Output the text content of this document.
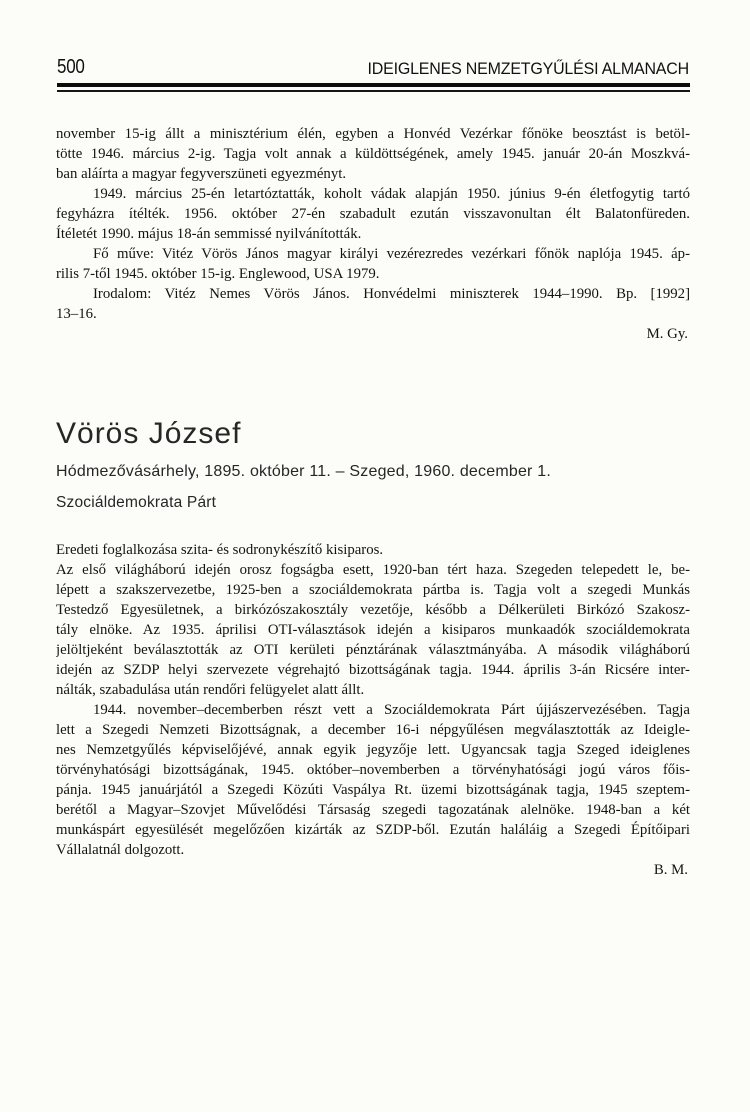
500	IDEIGLENES NEMZETGYŰLÉSI ALMANACH
november 15-ig állt a minisztérium élén, egyben a Honvéd Vezérkar főnöke beosztást is betöl-
tötte 1946. március 2-ig. Tagja volt annak a küldöttségének, amely 1945. január 20-án Moszkvá-
ban aláírta a magyar fegyverszüneti egyezményt.
1949. március 25-én letartóztatták, koholt vádak alapján 1950. június 9-én életfogytig tartó
fegyházra ítélték. 1956. október 27-én szabadult ezután visszavonultan élt Balatonfüreden.
Ítéletét 1990. május 18-án semmissé nyilvánították.
Fő műve: Vitéz Vörös János magyar királyi vezérezredes vezérkari főnök naplója 1945. áp-
rilis 7-től 1945. október 15-ig. Englewood, USA 1979.
Irodalom: Vitéz Nemes Vörös János. Honvédelmi miniszterek 1944–1990. Bp. [1992]
13–16.
M. Gy.
Vörös József
Hódmezővásárhely, 1895. október 11. – Szeged, 1960. december 1.
Szociáldemokrata Párt
Eredeti foglalkozása szita- és sodronykészítő kisiparos.
Az első világháború idején orosz fogságba esett, 1920-ban tért haza. Szegeden telepedett le, be-
lépett a szakszervezetbe, 1925-ben a szociáldemokrata pártba is. Tagja volt a szegedi Munkás
Testedző Egyesületnek, a birkózószakosztály vezetője, később a Délkerületi Birkózó Szakosz-
tály elnöke. Az 1935. áprilisi OTI-választások idején a kisiparos munkaadók szociáldemokrata
jelöltjeként beválasztották az OTI kerületi pénztárának választmányába. A második világháború
idején az SZDP helyi szervezete végrehajtó bizottságának tagja. 1944. április 3-án Ricsére inter-
nálták, szabadulása után rendőri felügyelet alatt állt.
1944. november–decemberben részt vett a Szociáldemokrata Párt újjászervezésében. Tagja
lett a Szegedi Nemzeti Bizottságnak, a december 16-i népgyűlésen megválasztották az Ideigle-
nes Nemzetgyűlés képviselőjévé, annak egyik jegyzője lett. Ugyancsak tagja Szeged ideiglenes
törvényhatósági bizottságának, 1945. október–novemberben a törvényhatósági jogú város főis-
pánja. 1945 januárjától a Szegedi Közúti Vaspálya Rt. üzemi bizottságának tagja, 1945 szeptem-
berétől a Magyar–Szovjet Művelődési Társaság szegedi tagozatának alelnöke. 1948-ban a két
munkáspárt egyesülését megelőzően kizárták az SZDP-ből. Ezután haláláig a Szegedi Építőipari
Vállalatnál dolgozott.
B. M.
